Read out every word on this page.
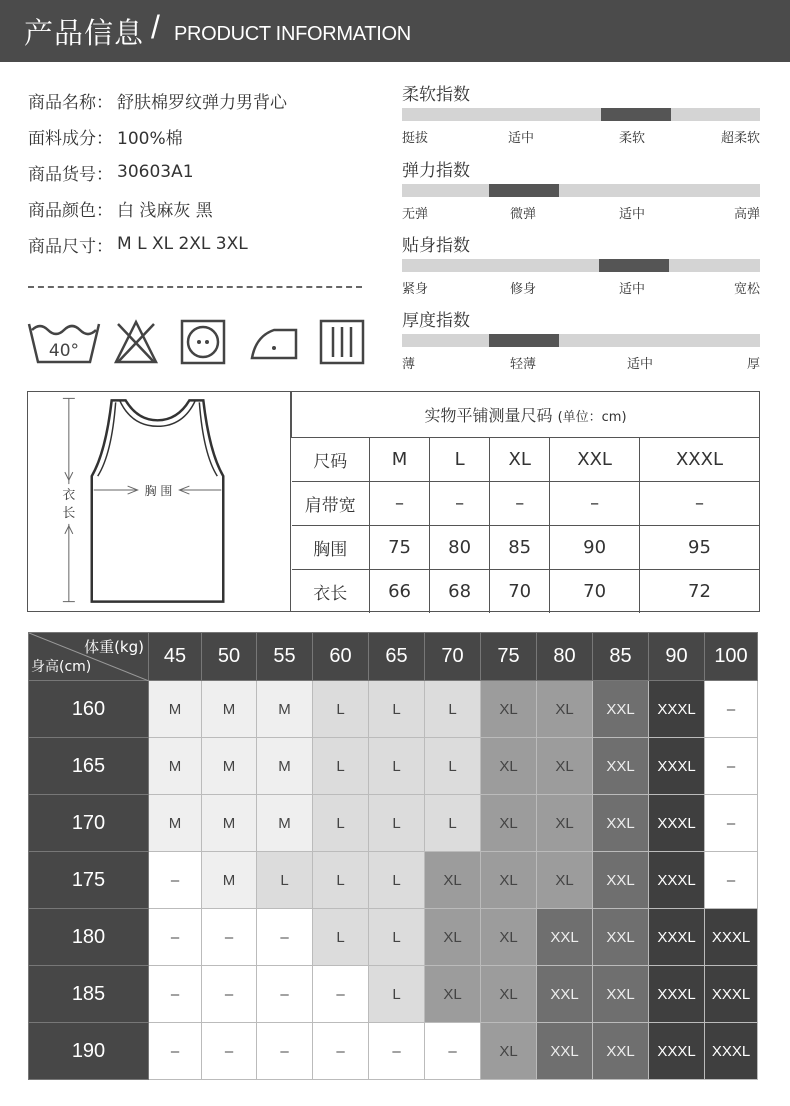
产品信息 / PRODUCT INFORMATION
商品名称： 舒肤棉罗纹弹力男背心
面料成分： 100%棉
商品货号： 30603A1
商品颜色： 白 浅麻灰 黑
商品尺寸： M L XL 2XL 3XL
40°
柔软指数
挺拔	适中	柔软	超柔软
弹力指数
无弹	微弹	适中	高弹
贴身指数
紧身	修身	适中	宽松
厚度指数
薄	轻薄	适中	厚
衣
长
胸 围
实物平铺测量尺码 (单位：cm)					
尺码	M	L	XL	XXL	XXXL
肩带宽	–	–	–	–	–
胸围	75	80	85	90	95
衣长	66	68	70	70	72
体重(kg)
身高(cm)	45	50	55	60	65	70	75	80	85	90	100
160	M	M	M	L	L	L	XL	XL	XXL	XXXL	–
165	M	M	M	L	L	L	XL	XL	XXL	XXXL	–
170	M	M	M	L	L	L	XL	XL	XXL	XXXL	–
175	–	M	L	L	L	XL	XL	XL	XXL	XXXL	–
180	–	–	–	L	L	XL	XL	XXL	XXL	XXXL	XXXL
185	–	–	–	–	L	XL	XL	XXL	XXL	XXXL	XXXL
190	–	–	–	–	–	–	XL	XXL	XXL	XXXL	XXXL
